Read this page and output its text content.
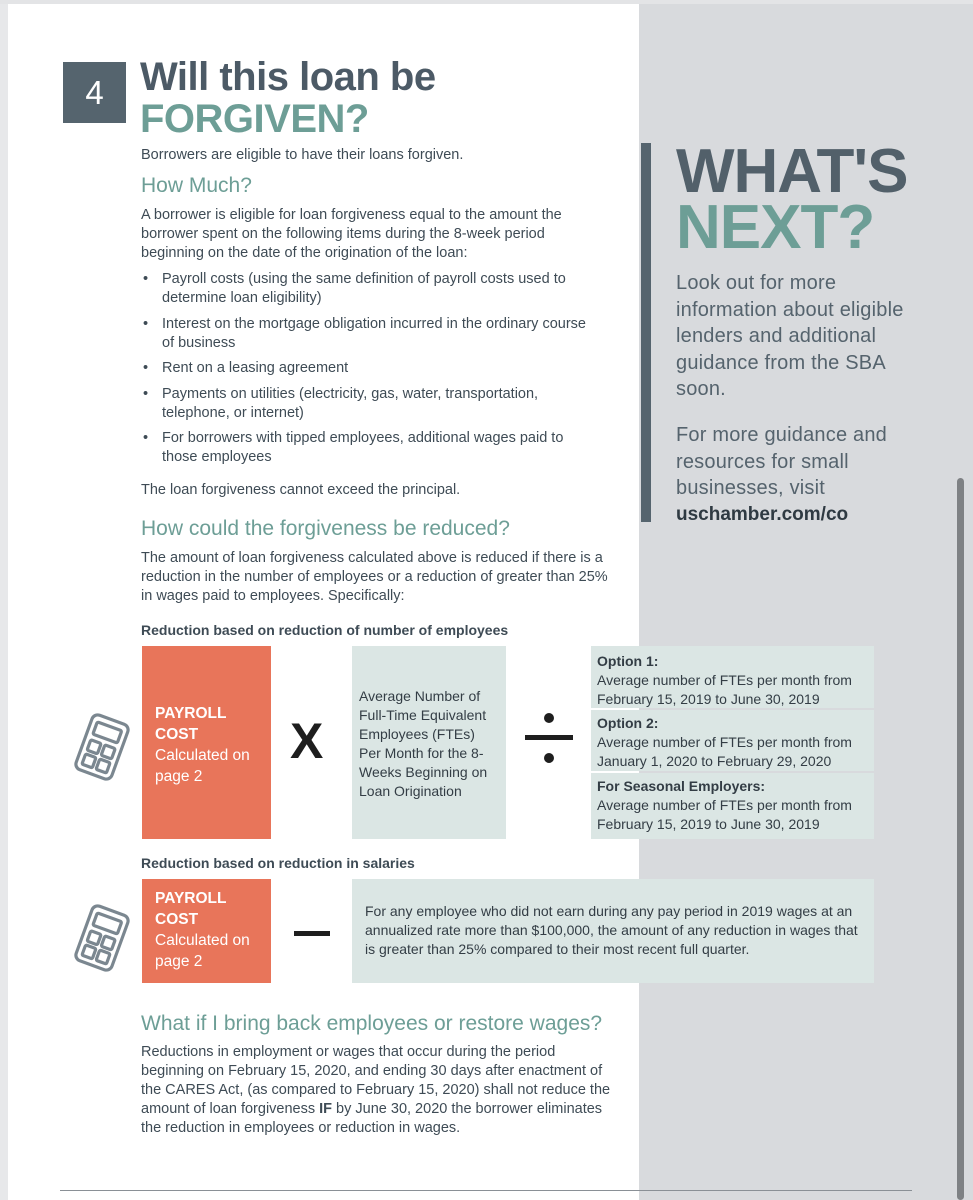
4 Will this loan be
FORGIVEN?
Borrowers are eligible to have their loans forgiven.
How Much?
A borrower is eligible for loan forgiveness equal to the amount the borrower spent on the following items during the 8-week period beginning on the date of the origination of the loan:
• Payroll costs (using the same definition of payroll costs used to determine loan eligibility)
• Interest on the mortgage obligation incurred in the ordinary course of business
• Rent on a leasing agreement
• Payments on utilities (electricity, gas, water, transportation, telephone, or internet)
• For borrowers with tipped employees, additional wages paid to those employees
The loan forgiveness cannot exceed the principal.
How could the forgiveness be reduced?
The amount of loan forgiveness calculated above is reduced if there is a reduction in the number of employees or a reduction of greater than 25% in wages paid to employees. Specifically:
Reduction based on reduction of number of employees
PAYROLL COST
Calculated on page 2
X
Average Number of Full-Time Equivalent Employees (FTEs) Per Month for the 8-Weeks Beginning on Loan Origination
Option 1:
Average number of FTEs per month from February 15, 2019 to June 30, 2019
Option 2:
Average number of FTEs per month from January 1, 2020 to February 29, 2020
For Seasonal Employers:
Average number of FTEs per month from February 15, 2019 to June 30, 2019
Reduction based on reduction in salaries
PAYROLL COST
Calculated on page 2
For any employee who did not earn during any pay period in 2019 wages at an annualized rate more than $100,000, the amount of any reduction in wages that is greater than 25% compared to their most recent full quarter.
What if I bring back employees or restore wages?
Reductions in employment or wages that occur during the period beginning on February 15, 2020, and ending 30 days after enactment of the CARES Act, (as compared to February 15, 2020) shall not reduce the amount of loan forgiveness IF by June 30, 2020 the borrower eliminates the reduction in employees or reduction in wages.
WHAT'S
NEXT?
Look out for more information about eligible lenders and additional guidance from the SBA soon.
For more guidance and resources for small businesses, visit
uschamber.com/co
